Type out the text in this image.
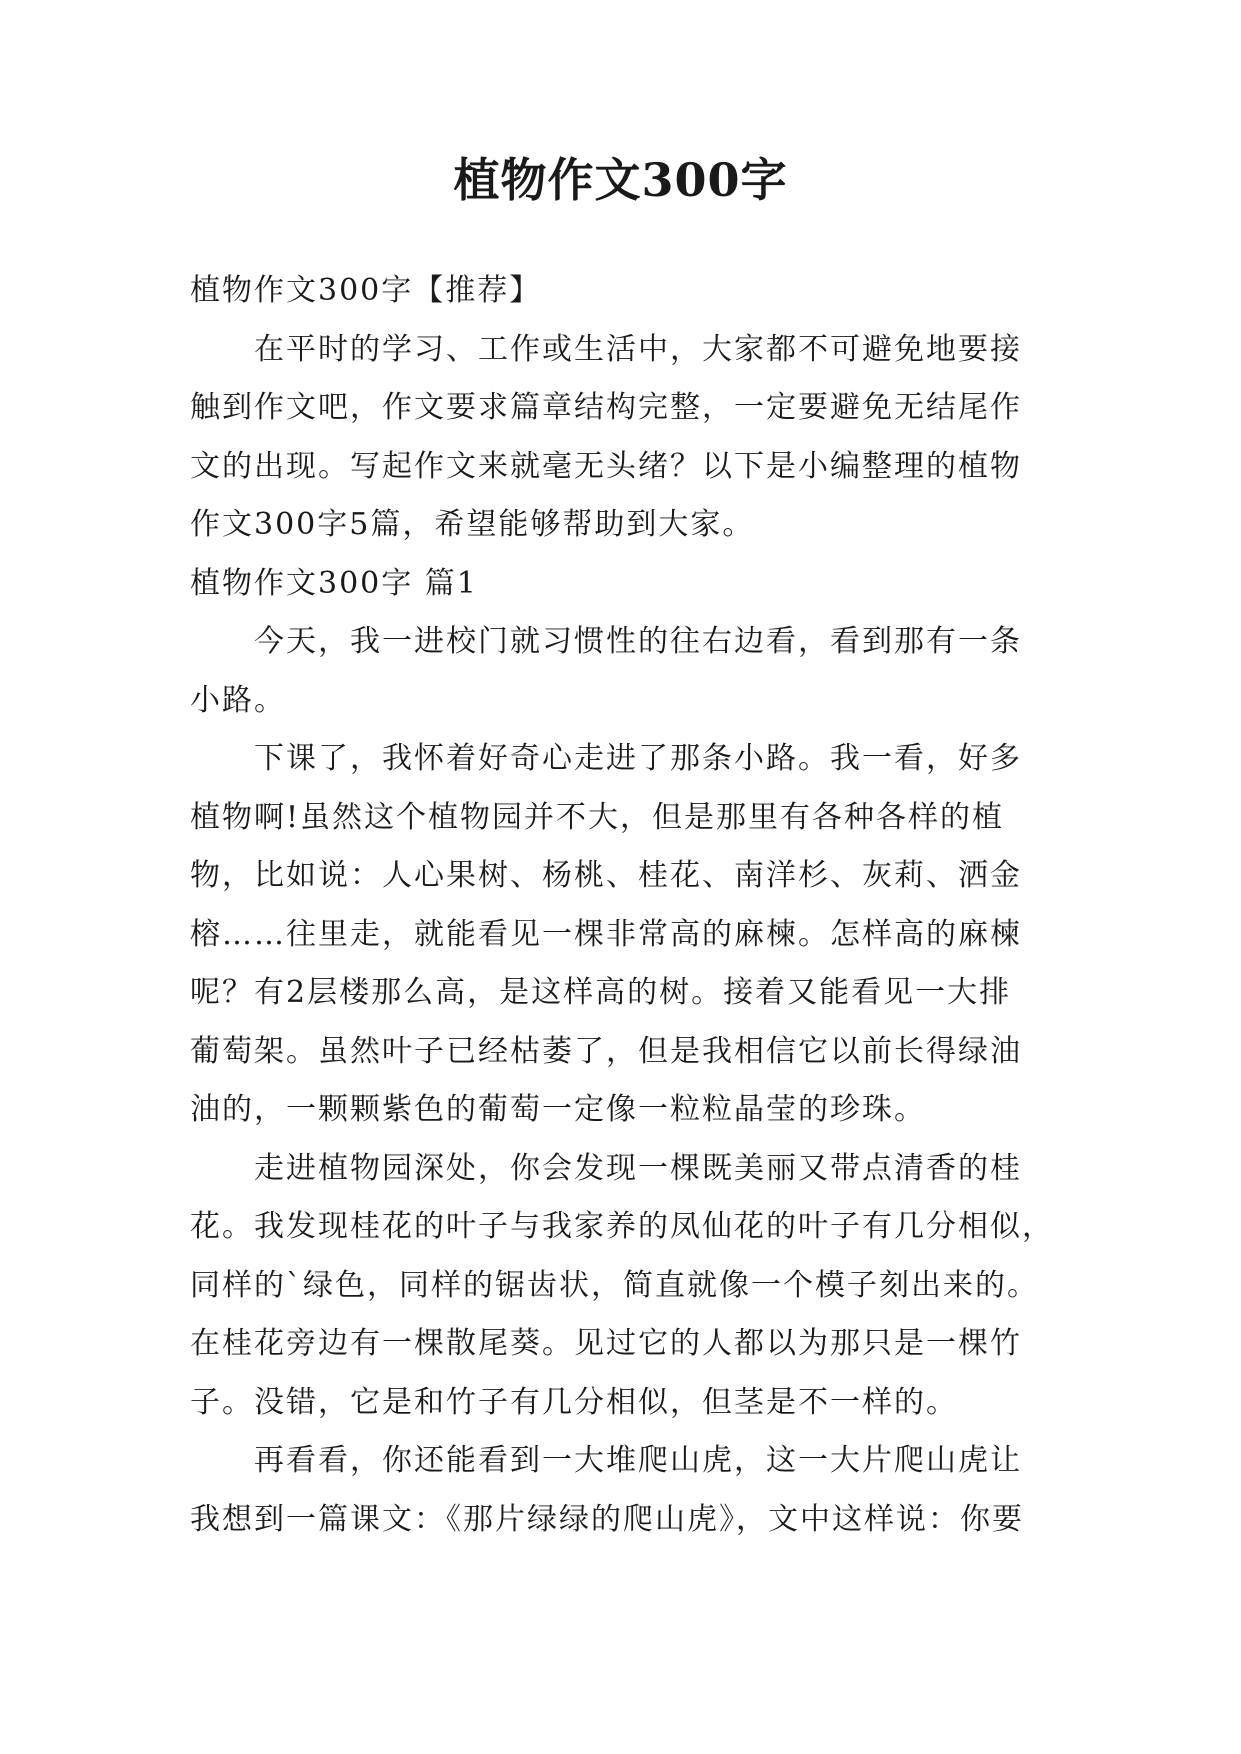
植物作文300字
植物作文300字【推荐】
在平时的学习、工作或生活中，大家都不可避免地要接
触到作文吧，作文要求篇章结构完整，一定要避免无结尾作
文的出现。写起作文来就毫无头绪？以下是小编整理的植物
作文300字5篇，希望能够帮助到大家。
植物作文300字 篇1
今天，我一进校门就习惯性的往右边看，看到那有一条
小路。
下课了，我怀着好奇心走进了那条小路。我一看，好多
植物啊!虽然这个植物园并不大，但是那里有各种各样的植
物，比如说：人心果树、杨桃、桂花、南洋杉、灰莉、洒金
榕……往里走，就能看见一棵非常高的麻楝。怎样高的麻楝
呢？有2层楼那么高，是这样高的树。接着又能看见一大排
葡萄架。虽然叶子已经枯萎了，但是我相信它以前长得绿油
油的，一颗颗紫色的葡萄一定像一粒粒晶莹的珍珠。
走进植物园深处，你会发现一棵既美丽又带点清香的桂
花。我发现桂花的叶子与我家养的凤仙花的叶子有几分相似，
同样的`绿色，同样的锯齿状，简直就像一个模子刻出来的。
在桂花旁边有一棵散尾葵。见过它的人都以为那只是一棵竹
子。没错，它是和竹子有几分相似，但茎是不一样的。
再看看，你还能看到一大堆爬山虎，这一大片爬山虎让
我想到一篇课文：《那片绿绿的爬山虎》，文中这样说：你要
